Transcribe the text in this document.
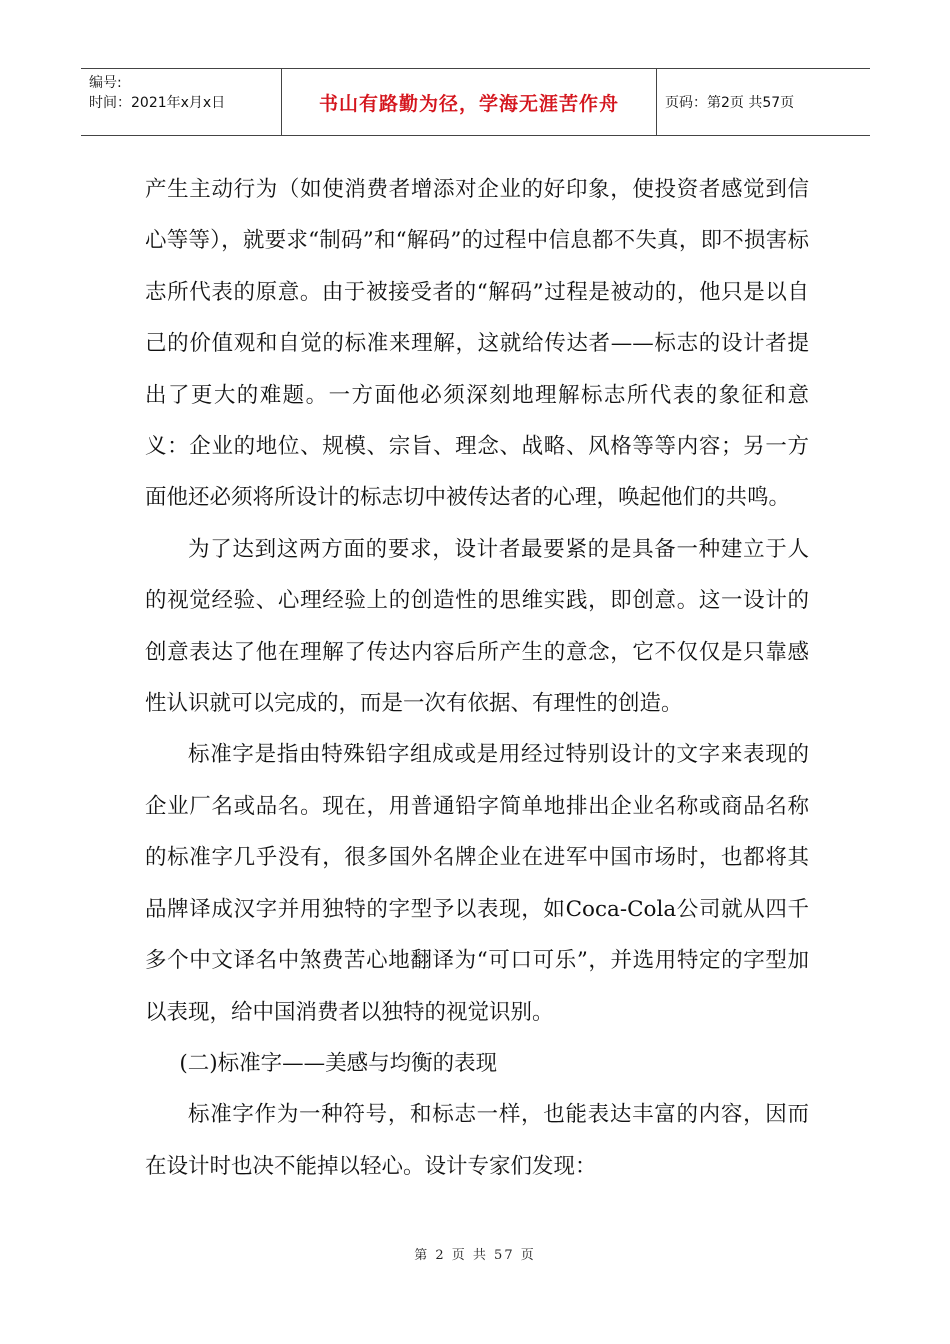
编号:
时间：2021年x月x日	书山有路勤为径，学海无涯苦作舟	页码：第2页 共57页

产生主动行为（如使消费者增添对企业的好印象，使投资者感觉到信心等等），就要求“制码”和“解码”的过程中信息都不失真，即不损害标志所代表的原意。由于被接受者的“解码”过程是被动的，他只是以自己的价值观和自觉的标准来理解，这就给传达者——标志的设计者提出了更大的难题。一方面他必须深刻地理解标志所代表的象征和意义：企业的地位、规模、宗旨、理念、战略、风格等等内容；另一方面他还必须将所设计的标志切中被传达者的心理，唤起他们的共鸣。

为了达到这两方面的要求，设计者最要紧的是具备一种建立于人的视觉经验、心理经验上的创造性的思维实践，即创意。这一设计的创意表达了他在理解了传达内容后所产生的意念，它不仅仅是只靠感性认识就可以完成的，而是一次有依据、有理性的创造。

标准字是指由特殊铅字组成或是用经过特别设计的文字来表现的企业厂名或品名。现在，用普通铅字简单地排出企业名称或商品名称的标准字几乎没有，很多国外名牌企业在进军中国市场时，也都将其品牌译成汉字并用独特的字型予以表现，如Coca-Cola公司就从四千多个中文译名中煞费苦心地翻译为“可口可乐”，并选用特定的字型加以表现，给中国消费者以独特的视觉识别。

(二)标准字——美感与均衡的表现

标准字作为一种符号，和标志一样，也能表达丰富的内容，因而在设计时也决不能掉以轻心。设计专家们发现：

第 2 页 共 57 页
